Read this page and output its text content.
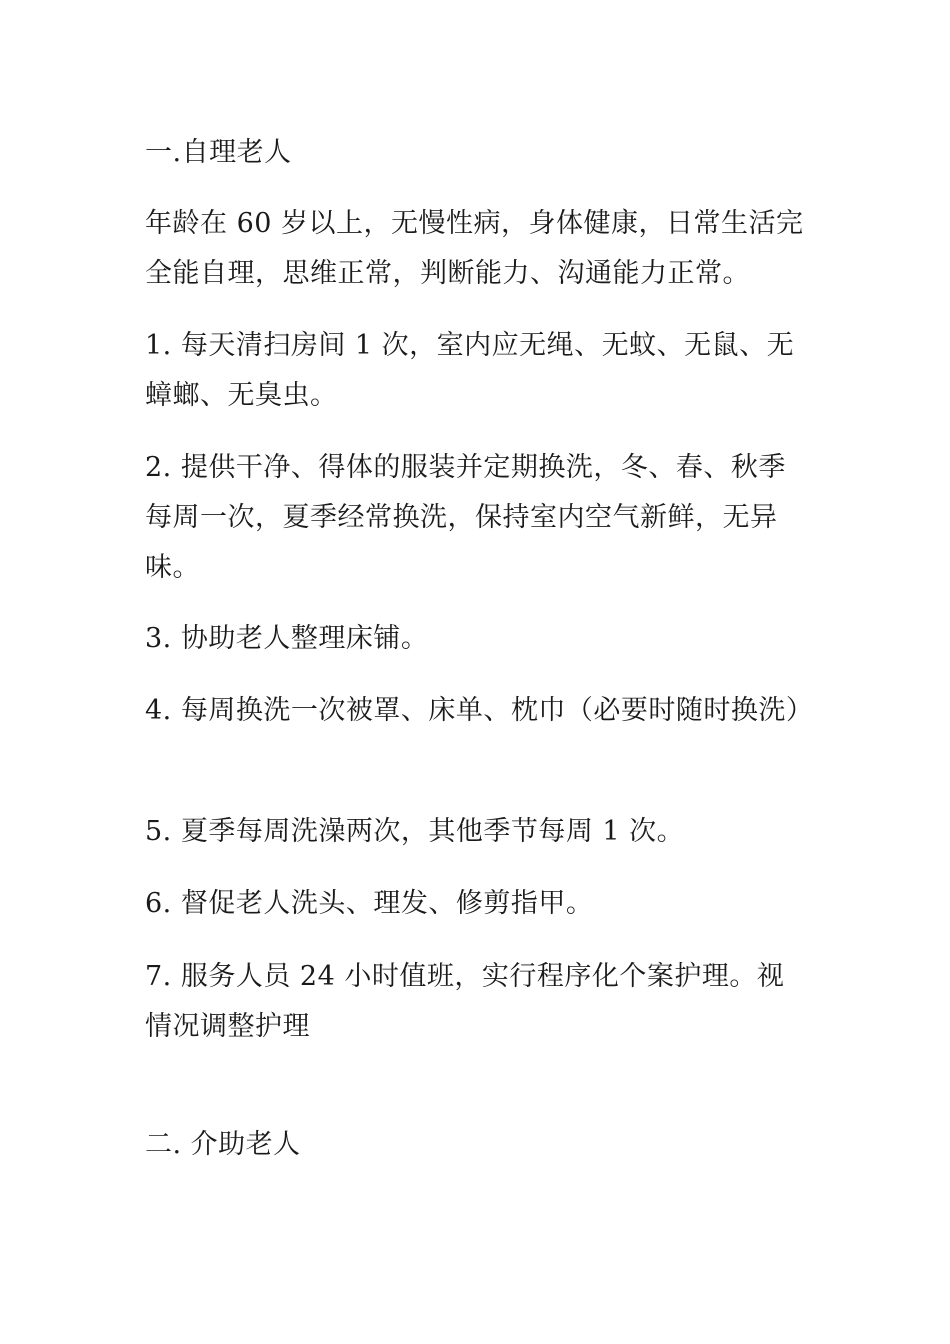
一.自理老人

年龄在 60 岁以上，无慢性病，身体健康，日常生活完全能自理，思维正常，判断能力、沟通能力正常。

1. 每天清扫房间 1 次，室内应无绳、无蚊、无鼠、无蟑螂、无臭虫。

2. 提供干净、得体的服装并定期换洗，冬、春、秋季每周一次，夏季经常换洗，保持室内空气新鲜，无异味。

3. 协助老人整理床铺。

4. 每周换洗一次被罩、床单、枕巾（必要时随时换洗）

5. 夏季每周洗澡两次，其他季节每周 1 次。

6. 督促老人洗头、理发、修剪指甲。

7. 服务人员 24 小时值班，实行程序化个案护理。视情况调整护理

二. 介助老人
